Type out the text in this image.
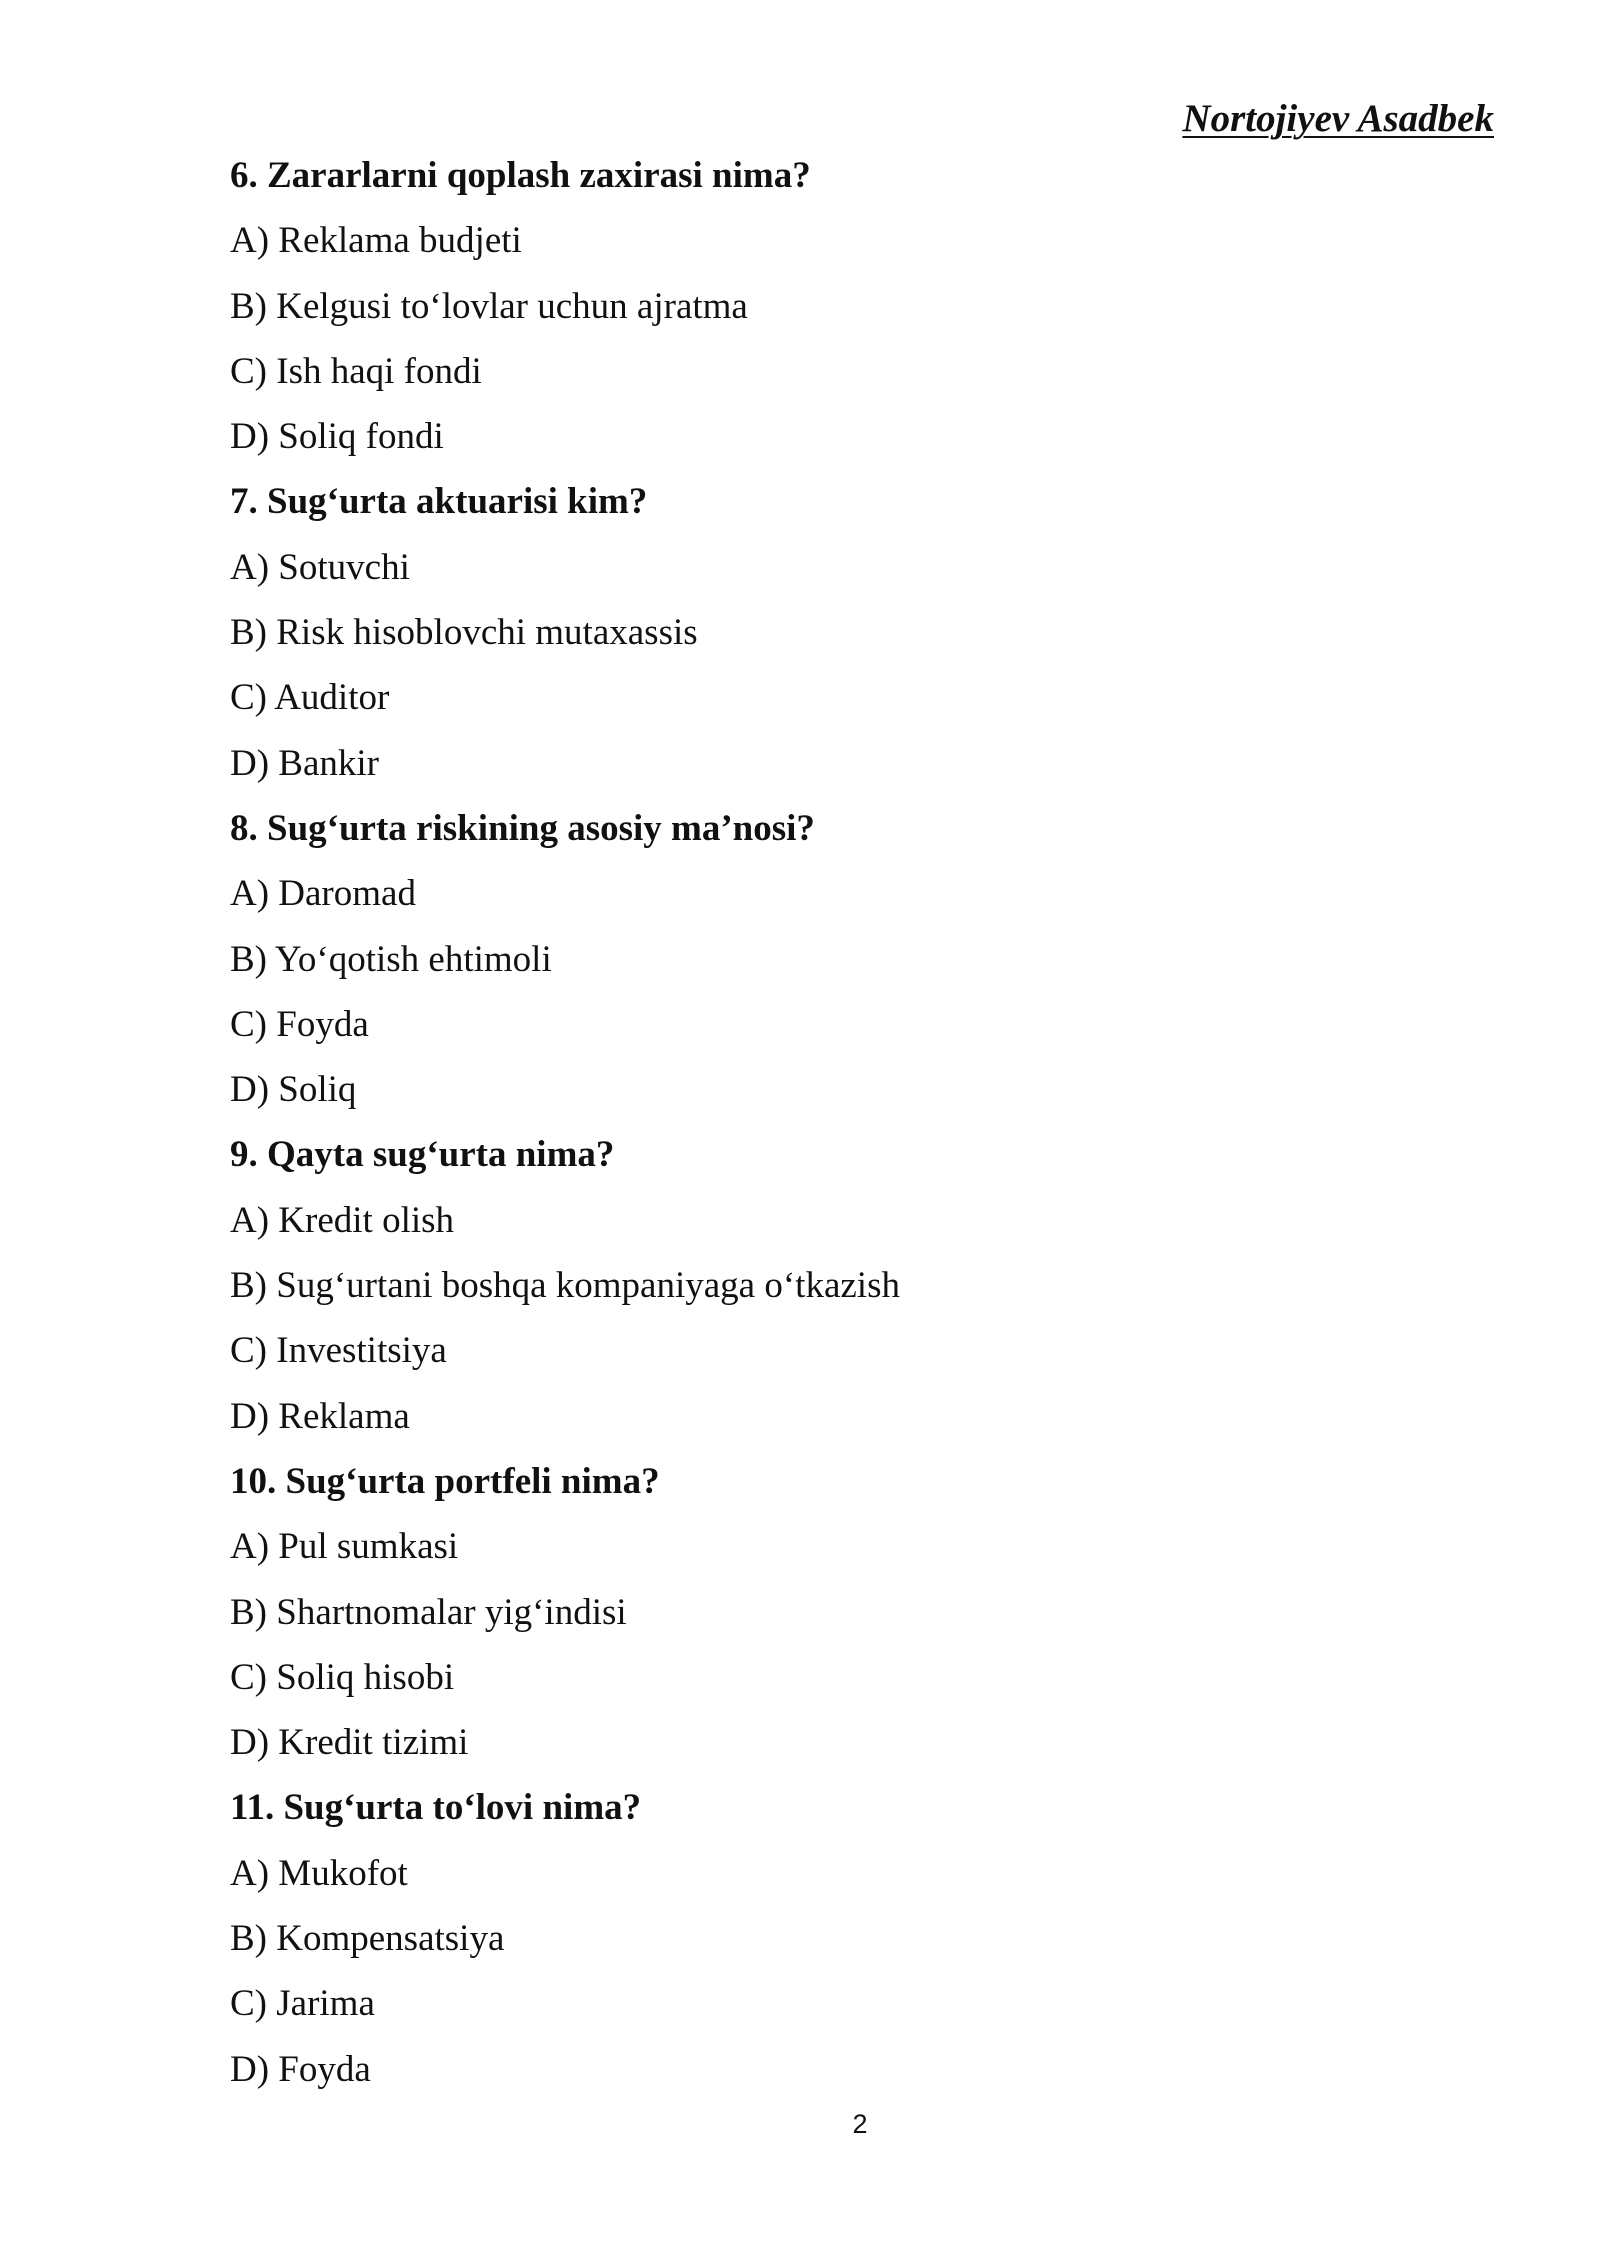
Nortojiyev Asadbek
6. Zararlarni qoplash zaxirasi nima?
A) Reklama budjeti
B) Kelgusi to‘lovlar uchun ajratma
C) Ish haqi fondi
D) Soliq fondi
7. Sug‘urta aktuarisi kim?
A) Sotuvchi
B) Risk hisoblovchi mutaxassis
C) Auditor
D) Bankir
8. Sug‘urta riskining asosiy ma’nosi?
A) Daromad
B) Yo‘qotish ehtimoli
C) Foyda
D) Soliq
9. Qayta sug‘urta nima?
A) Kredit olish
B) Sug‘urtani boshqa kompaniyaga o‘tkazish
C) Investitsiya
D) Reklama
10. Sug‘urta portfeli nima?
A) Pul sumkasi
B) Shartnomalar yig‘indisi
C) Soliq hisobi
D) Kredit tizimi
11. Sug‘urta to‘lovi nima?
A) Mukofot
B) Kompensatsiya
C) Jarima
D) Foyda
2
